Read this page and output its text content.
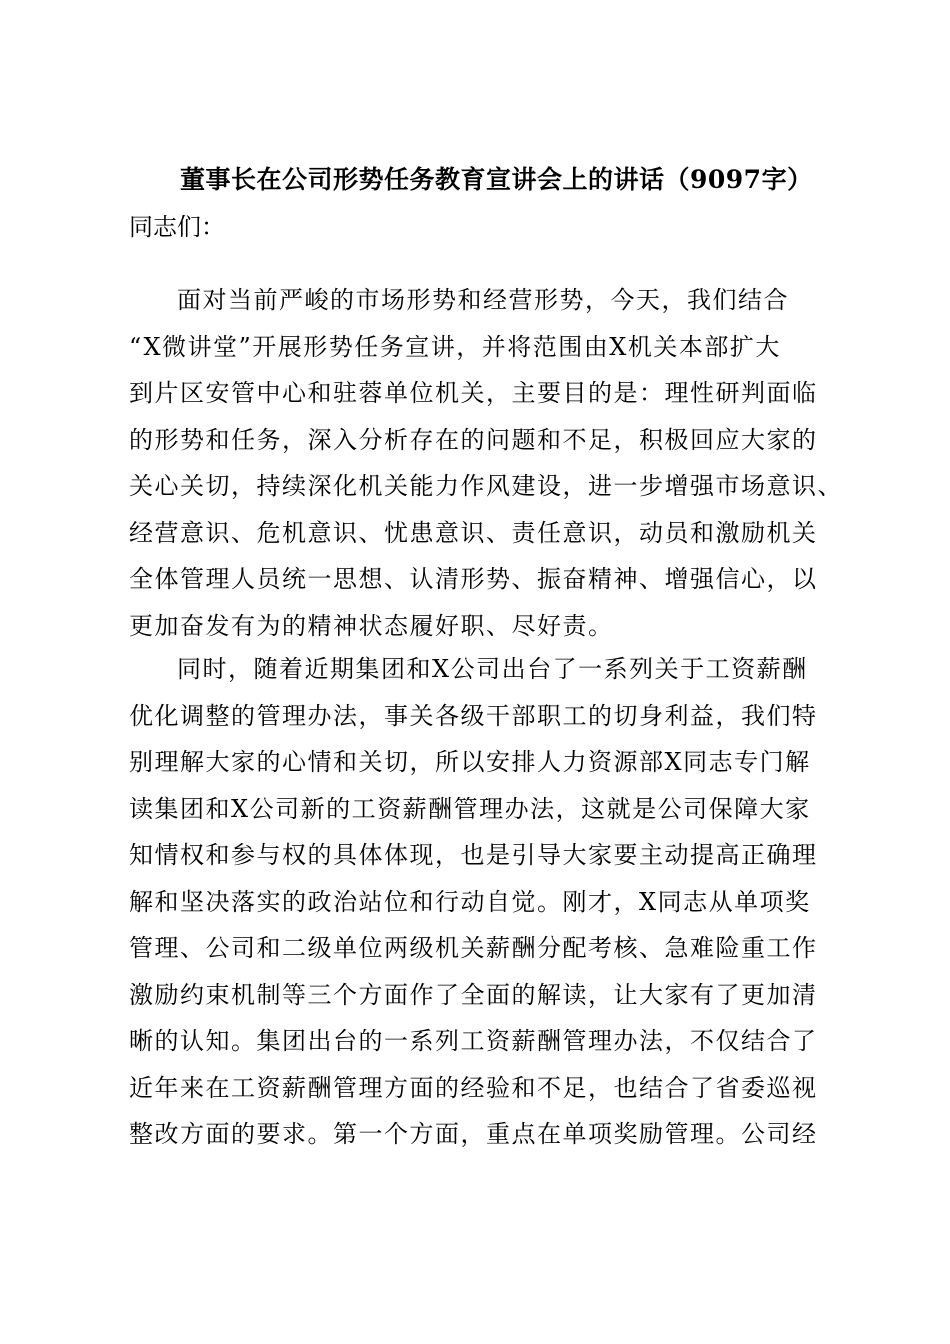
董事长在公司形势任务教育宣讲会上的讲话（9097字）
同志们：
面对当前严峻的市场形势和经营形势，今天，我们结合
“X微讲堂”开展形势任务宣讲，并将范围由X机关本部扩大
到片区安管中心和驻蓉单位机关，主要目的是：理性研判面临
的形势和任务，深入分析存在的问题和不足，积极回应大家的
关心关切，持续深化机关能力作风建设，进一步增强市场意识、
经营意识、危机意识、忧患意识、责任意识，动员和激励机关
全体管理人员统一思想、认清形势、振奋精神、增强信心，以
更加奋发有为的精神状态履好职、尽好责。
同时，随着近期集团和X公司出台了一系列关于工资薪酬
优化调整的管理办法，事关各级干部职工的切身利益，我们特
别理解大家的心情和关切，所以安排人力资源部X同志专门解
读集团和X公司新的工资薪酬管理办法，这就是公司保障大家
知情权和参与权的具体体现，也是引导大家要主动提高正确理
解和坚决落实的政治站位和行动自觉。刚才，X同志从单项奖
管理、公司和二级单位两级机关薪酬分配考核、急难险重工作
激励约束机制等三个方面作了全面的解读，让大家有了更加清
晰的认知。集团出台的一系列工资薪酬管理办法，不仅结合了
近年来在工资薪酬管理方面的经验和不足，也结合了省委巡视
整改方面的要求。第一个方面，重点在单项奖励管理。公司经
